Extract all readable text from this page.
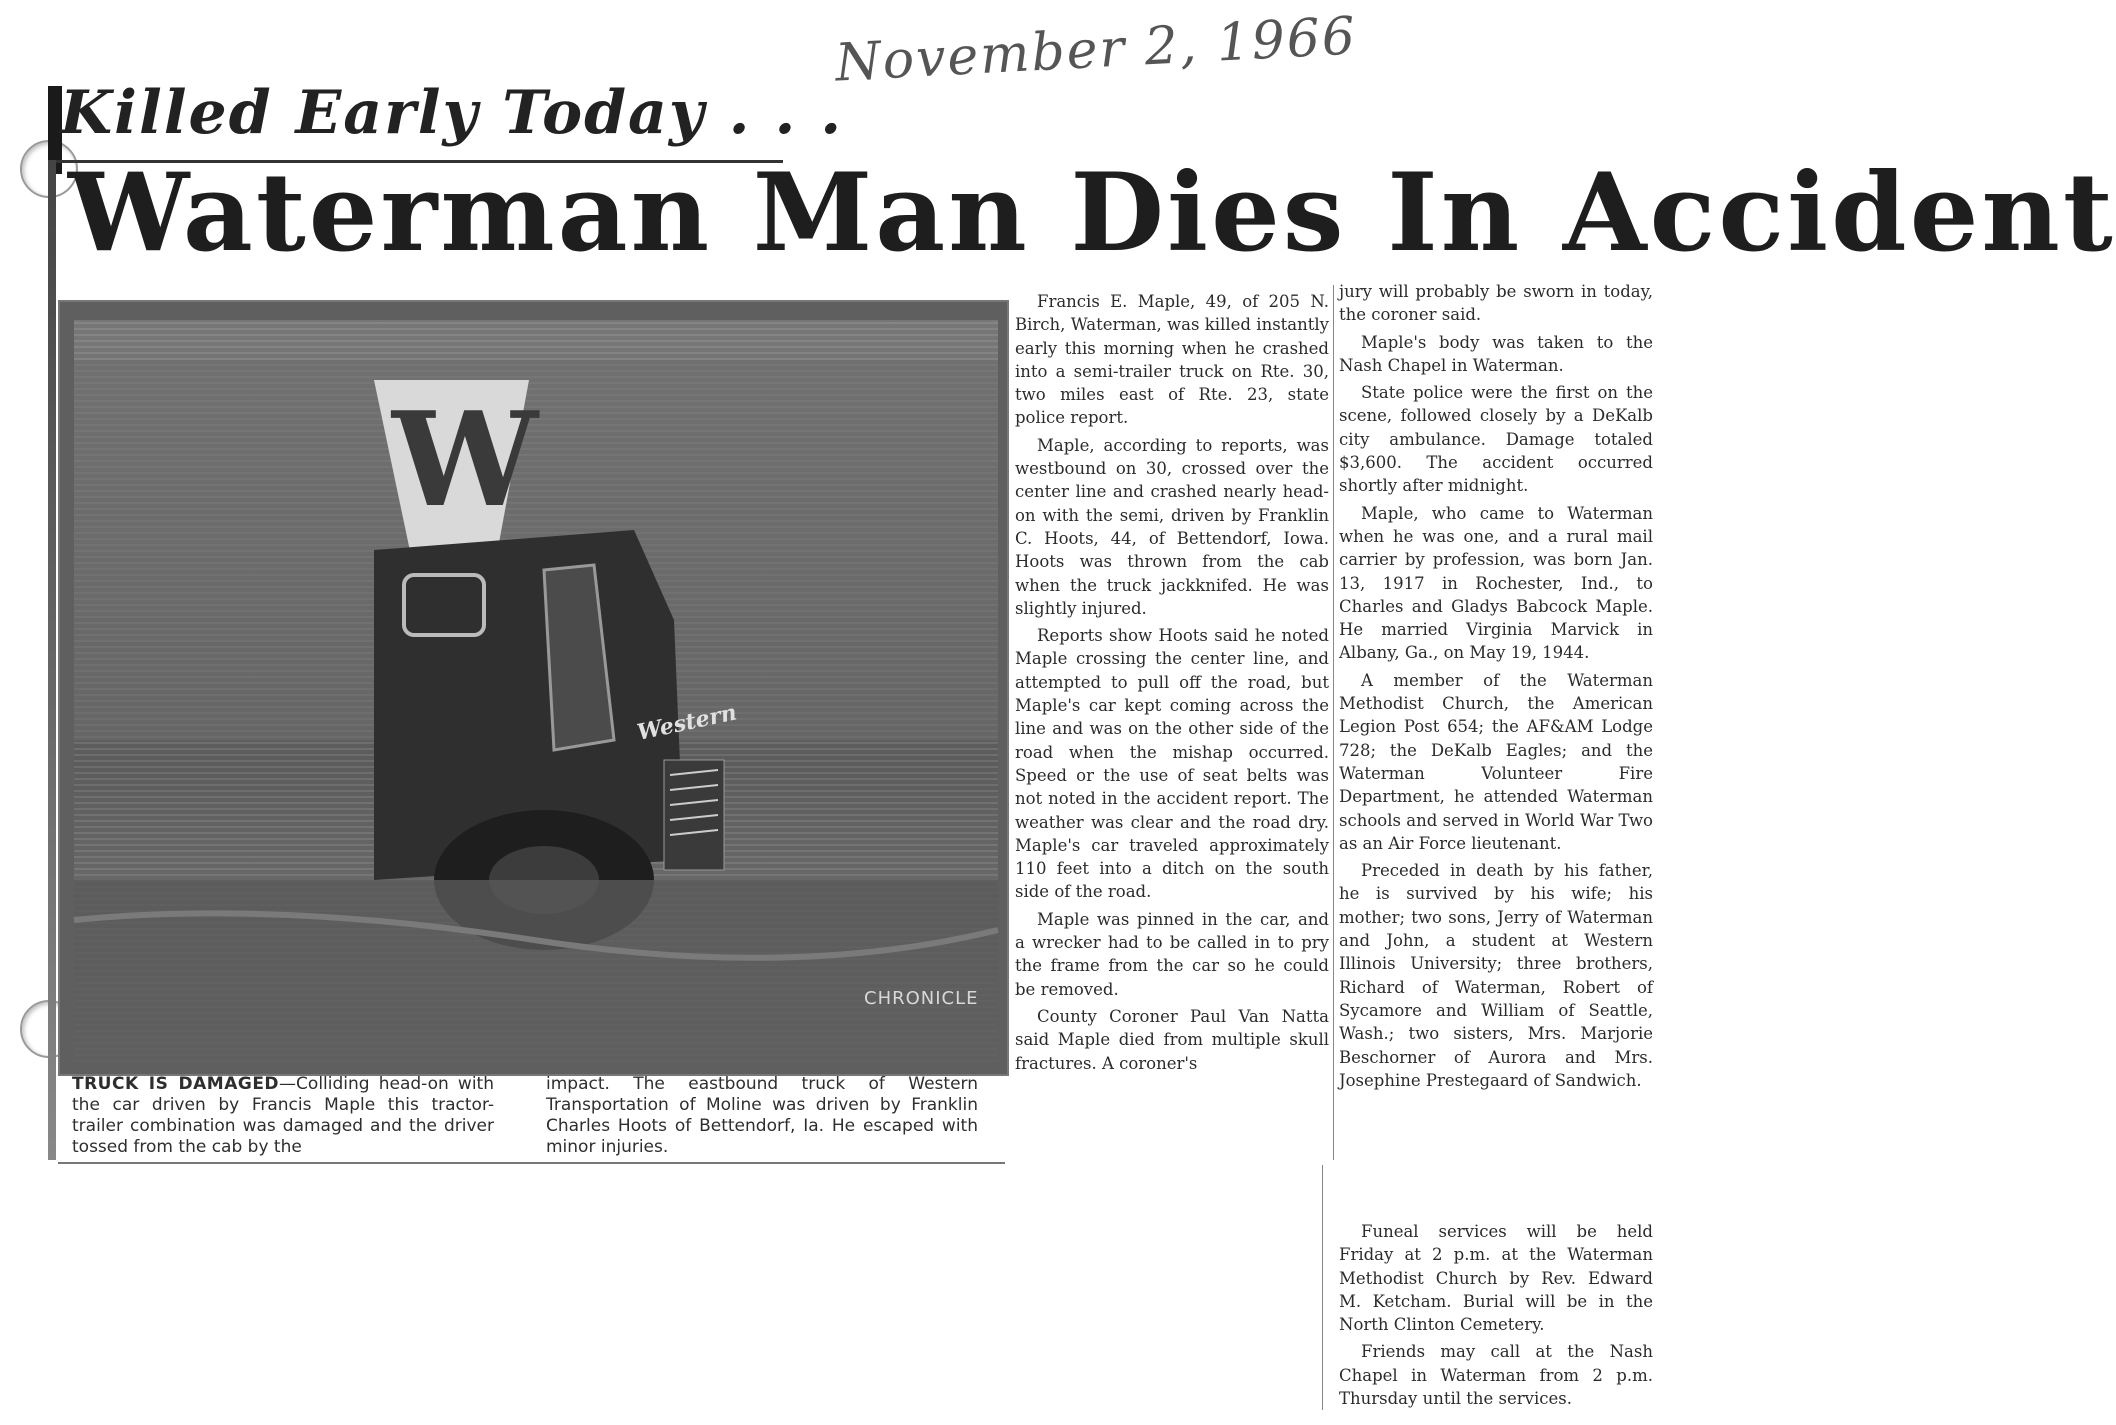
November 2, 1966
Killed Early Today . . .
Waterman Man Dies In Accident
W
Western
CHRONICLE
TRUCK IS DAMAGED—Colliding head-on with the car driven by Francis Maple this tractor-trailer combination was damaged and the driver tossed from the cab by the
impact. The eastbound truck of Western Transportation of Moline was driven by Franklin Charles Hoots of Bettendorf, Ia. He escaped with minor injuries.

Francis E. Maple, 49, of 205 N. Birch, Waterman, was killed instantly early this morning when he crashed into a semi-trailer truck on Rte. 30, two miles east of Rte. 23, state police report.

Maple, according to reports, was westbound on 30, crossed over the center line and crashed nearly head-on with the semi, driven by Franklin C. Hoots, 44, of Bettendorf, Iowa. Hoots was thrown from the cab when the truck jackknifed. He was slightly injured.

Reports show Hoots said he noted Maple crossing the center line, and attempted to pull off the road, but Maple's car kept coming across the line and was on the other side of the road when the mishap occurred. Speed or the use of seat belts was not noted in the accident report. The weather was clear and the road dry. Maple's car traveled approximately 110 feet into a ditch on the south side of the road.

Maple was pinned in the car, and a wrecker had to be called in to pry the frame from the car so he could be removed.

County Coroner Paul Van Natta said Maple died from multiple skull fractures. A coroner's

jury will probably be sworn in today, the coroner said.

Maple's body was taken to the Nash Chapel in Waterman.

State police were the first on the scene, followed closely by a DeKalb city ambulance. Damage totaled $3,600. The accident occurred shortly after midnight.

Maple, who came to Waterman when he was one, and a rural mail carrier by profession, was born Jan. 13, 1917 in Rochester, Ind., to Charles and Gladys Babcock Maple. He married Virginia Marvick in Albany, Ga., on May 19, 1944.

A member of the Waterman Methodist Church, the American Legion Post 654; the AF&AM Lodge 728; the DeKalb Eagles; and the Waterman Volunteer Fire Department, he attended Waterman schools and served in World War Two as an Air Force lieutenant.

Preceded in death by his father, he is survived by his wife; his mother; two sons, Jerry of Waterman and John, a student at Western Illinois University; three brothers, Richard of Waterman, Robert of Sycamore and William of Seattle, Wash.; two sisters, Mrs. Marjorie Beschorner of Aurora and Mrs. Josephine Prestegaard of Sandwich.

Funeal services will be held Friday at 2 p.m. at the Waterman Methodist Church by Rev. Edward M. Ketcham. Burial will be in the North Clinton Cemetery.

Friends may call at the Nash Chapel in Waterman from 2 p.m. Thursday until the services.
